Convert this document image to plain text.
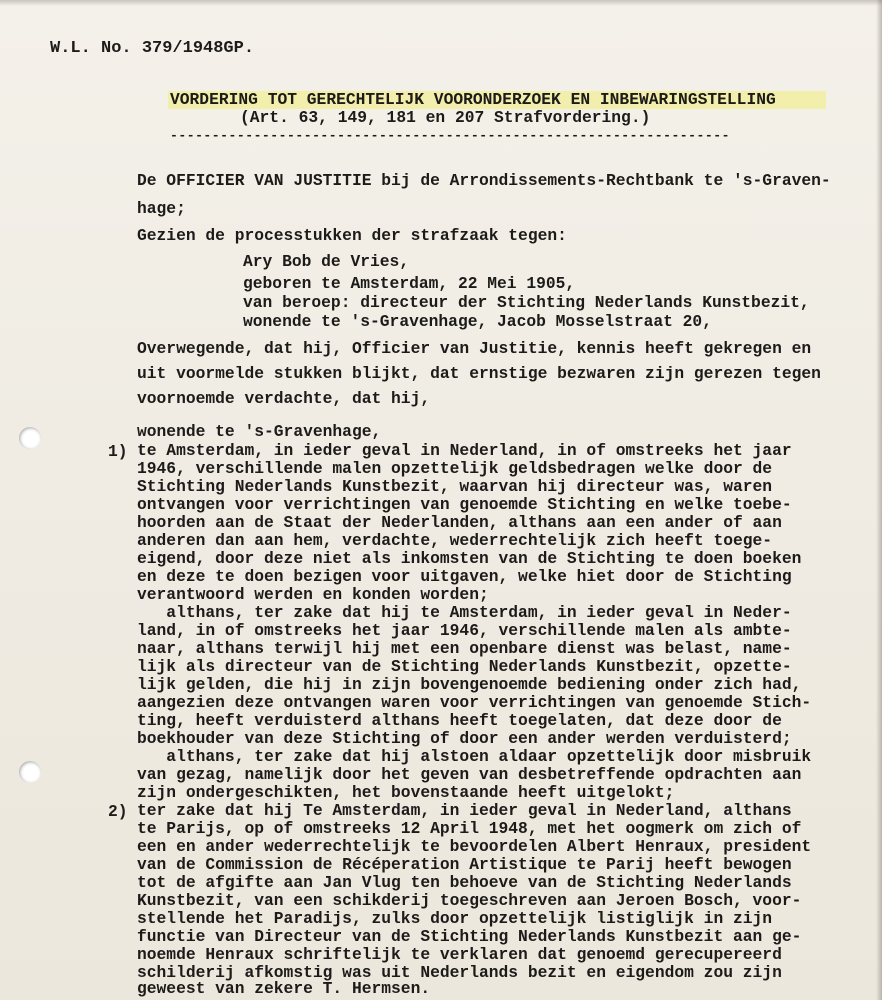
W.L. No. 379/1948GP.
VORDERING TOT GERECHTELIJK VOORONDERZOEK EN INBEWARINGSTELLING
(Art. 63, 149, 181 en 207 Strafvordering.)
-------------------------------------------------------------------
De OFFICIER VAN JUSTITIE bij de Arrondissements-Rechtbank te 's-Graven-
hage;
Gezien de processtukken der strafzaak tegen:
Ary Bob de Vries,
geboren te Amsterdam, 22 Mei 1905,
van beroep: directeur der Stichting Nederlands Kunstbezit,
wonende te 's-Gravenhage, Jacob Mosselstraat 20,
Overwegende, dat hij, Officier van Justitie, kennis heeft gekregen en
uit voormelde stukken blijkt, dat ernstige bezwaren zijn gerezen tegen
voornoemde verdachte, dat hij,
wonende te 's-Gravenhage,
1) te Amsterdam, in ieder geval in Nederland, in of omstreeks het jaar
1946, verschillende malen opzettelijk geldsbedragen welke door de
Stichting Nederlands Kunstbezit, waarvan hij directeur was, waren
ontvangen voor verrichtingen van genoemde Stichting en welke toebe-
hoorden aan de Staat der Nederlanden, althans aan een ander of aan
anderen dan aan hem, verdachte, wederrechtelijk zich heeft toege-
eigend, door deze niet als inkomsten van de Stichting te doen boeken
en deze te doen bezigen voor uitgaven, welke hiet door de Stichting
verantwoord werden en konden worden;
althans, ter zake dat hij te Amsterdam, in ieder geval in Neder-
land, in of omstreeks het jaar 1946, verschillende malen als ambte-
naar, althans terwijl hij met een openbare dienst was belast, name-
lijk als directeur van de Stichting Nederlands Kunstbezit, opzette-
lijk gelden, die hij in zijn bovengenoemde bediening onder zich had,
aangezien deze ontvangen waren voor verrichtingen van genoemde Stich-
ting, heeft verduisterd althans heeft toegelaten, dat deze door de
boekhouder van deze Stichting of door een ander werden verduisterd;
althans, ter zake dat hij alstoen aldaar opzettelijk door misbruik
van gezag, namelijk door het geven van desbetreffende opdrachten aan
zijn ondergeschikten, het bovenstaande heeft uitgelokt;
2) ter zake dat hij Te Amsterdam, in ieder geval in Nederland, althans
te Parijs, op of omstreeks 12 April 1948, met het oogmerk om zich of
een en ander wederrechtelijk te bevoordelen Albert Henraux, president
van de Commission de Récéperation Artistique te Parij heeft bewogen
tot de afgifte aan Jan Vlug ten behoeve van de Stichting Nederlands
Kunstbezit, van een schikderij toegeschreven aan Jeroen Bosch, voor-
stellende het Paradijs, zulks door opzettelijk listiglijk in zijn
functie van Directeur van de Stichting Nederlands Kunstbezit aan ge-
noemde Henraux schriftelijk te verklaren dat genoemd gerecupereerd
schilderij afkomstig was uit Nederlands bezit en eigendom zou zijn
geweest van zekere T. Hermsen.
